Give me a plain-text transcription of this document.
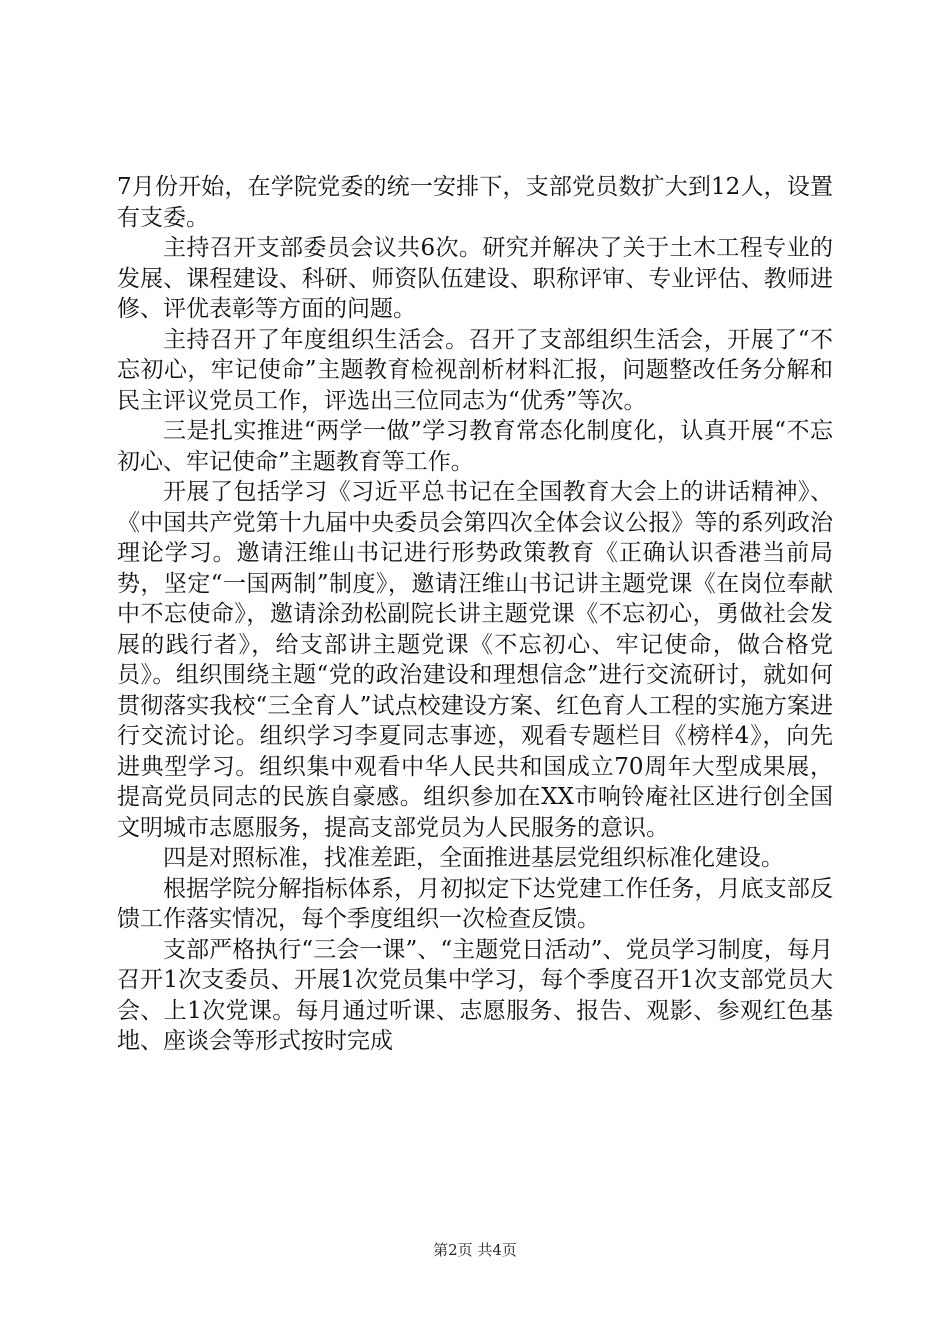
7月份开始，在学院党委的统一安排下，支部党员数扩大到12人，设置有支委。

主持召开支部委员会议共6次。研究并解决了关于土木工程专业的发展、课程建设、科研、师资队伍建设、职称评审、专业评估、教师进修、评优表彰等方面的问题。

主持召开了年度组织生活会。召开了支部组织生活会，开展了“不忘初心，牢记使命”主题教育检视剖析材料汇报，问题整改任务分解和民主评议党员工作，评选出三位同志为“优秀”等次。

三是扎实推进“两学一做”学习教育常态化制度化，认真开展“不忘初心、牢记使命”主题教育等工作。

开展了包括学习《习近平总书记在全国教育大会上的讲话精神》、《中国共产党第十九届中央委员会第四次全体会议公报》等的系列政治理论学习。邀请汪维山书记进行形势政策教育《正确认识香港当前局势，坚定“一国两制”制度》，邀请汪维山书记讲主题党课《在岗位奉献中不忘使命》，邀请涂劲松副院长讲主题党课《不忘初心，勇做社会发展的践行者》，给支部讲主题党课《不忘初心、牢记使命，做合格党员》。组织围绕主题“党的政治建设和理想信念”进行交流研讨，就如何贯彻落实我校“三全育人”试点校建设方案、红色育人工程的实施方案进行交流讨论。组织学习李夏同志事迹，观看专题栏目《榜样4》，向先进典型学习。组织集中观看中华人民共和国成立70周年大型成果展，提高党员同志的民族自豪感。组织参加在XX市响铃庵社区进行创全国文明城市志愿服务，提高支部党员为人民服务的意识。

四是对照标准，找准差距，全面推进基层党组织标准化建设。

根据学院分解指标体系，月初拟定下达党建工作任务，月底支部反馈工作落实情况，每个季度组织一次检查反馈。

支部严格执行“三会一课”、“主题党日活动”、党员学习制度，每月召开1次支委员、开展1次党员集中学习，每个季度召开1次支部党员大会、上1次党课。每月通过听课、志愿服务、报告、观影、参观红色基地、座谈会等形式按时完成

第2页 共4页
